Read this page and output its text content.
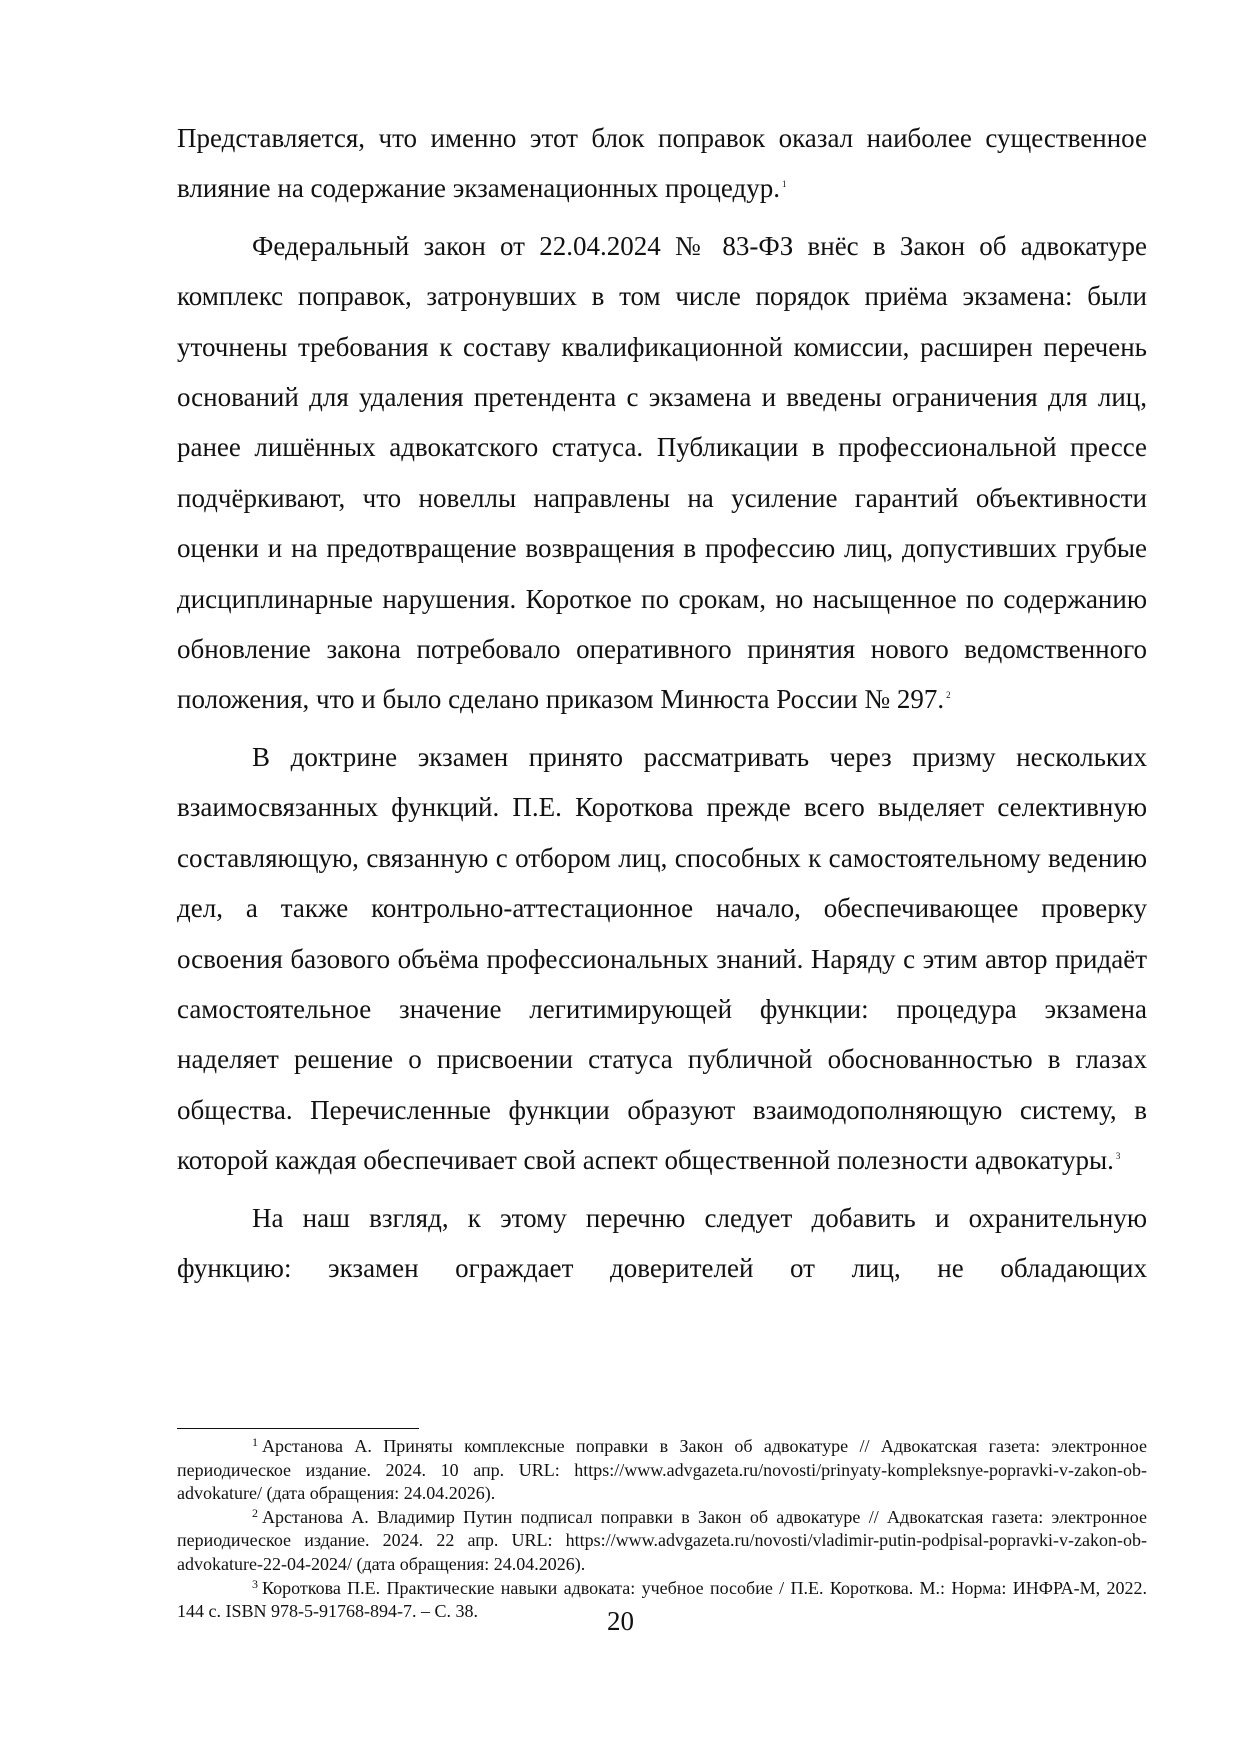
Представляется, что именно этот блок поправок оказал наиболее существенное влияние на содержание экзаменационных процедур. $^1$

Федеральный закон от 22.04.2024 № 83-ФЗ внёс в Закон об адвокатуре комплекс поправок, затронувших в том числе порядок приёма экзамена: были уточнены требования к составу квалификационной комиссии, расширен перечень оснований для удаления претендента с экзамена и введены ограничения для лиц, ранее лишённых адвокатского статуса. Публикации в профессиональной прессе подчёркивают, что новеллы направлены на усиление гарантий объективности оценки и на предотвращение возвращения в профессию лиц, допустивших грубые дисциплинарные нарушения. Короткое по срокам, но насыщенное по содержанию обновление закона потребовало оперативного принятия нового ведомственного положения, что и было сделано приказом Минюста России № 297. $^2$

В доктрине экзамен принято рассматривать через призму нескольких взаимосвязанных функций. П.Е. Короткова прежде всего выделяет селективную составляющую, связанную с отбором лиц, способных к самостоятельному ведению дел, а также контрольно-аттестационное начало, обеспечивающее проверку освоения базового объёма профессиональных знаний. Наряду с этим автор придаёт самостоятельное значение легитимирующей функции: процедура экзамена наделяет решение о присвоении статуса публичной обоснованностью в глазах общества. Перечисленные функции образуют взаимодополняющую систему, в которой каждая обеспечивает свой аспект общественной полезности адвокатуры. $^3$

На наш взгляд, к этому перечню следует добавить и охранительную функцию: экзамен ограждает доверителей от лиц, не обладающих

$^1$ Арстанова А. Приняты комплексные поправки в Закон об адвокатуре // Адвокатская газета: электронное периодическое издание. 2024. 10 апр. URL: https://www.advgazeta.ru/novosti/prinyaty-kompleksnye-popravki-v-zakon-ob-advokature/ (дата обращения: 24.04.2026).

$^2$ Арстанова А. Владимир Путин подписал поправки в Закон об адвокатуре // Адвокатская газета: электронное периодическое издание. 2024. 22 апр. URL: https://www.advgazeta.ru/novosti/vladimir-putin-podpisal-popravki-v-zakon-ob-advokature-22-04-2024/ (дата обращения: 24.04.2026).

$^3$ Короткова П.Е. Практические навыки адвоката: учебное пособие / П.Е. Короткова. М.: Норма: ИНФРА-М, 2022. 144 с. ISBN 978-5-91768-894-7. – С. 38.	20
